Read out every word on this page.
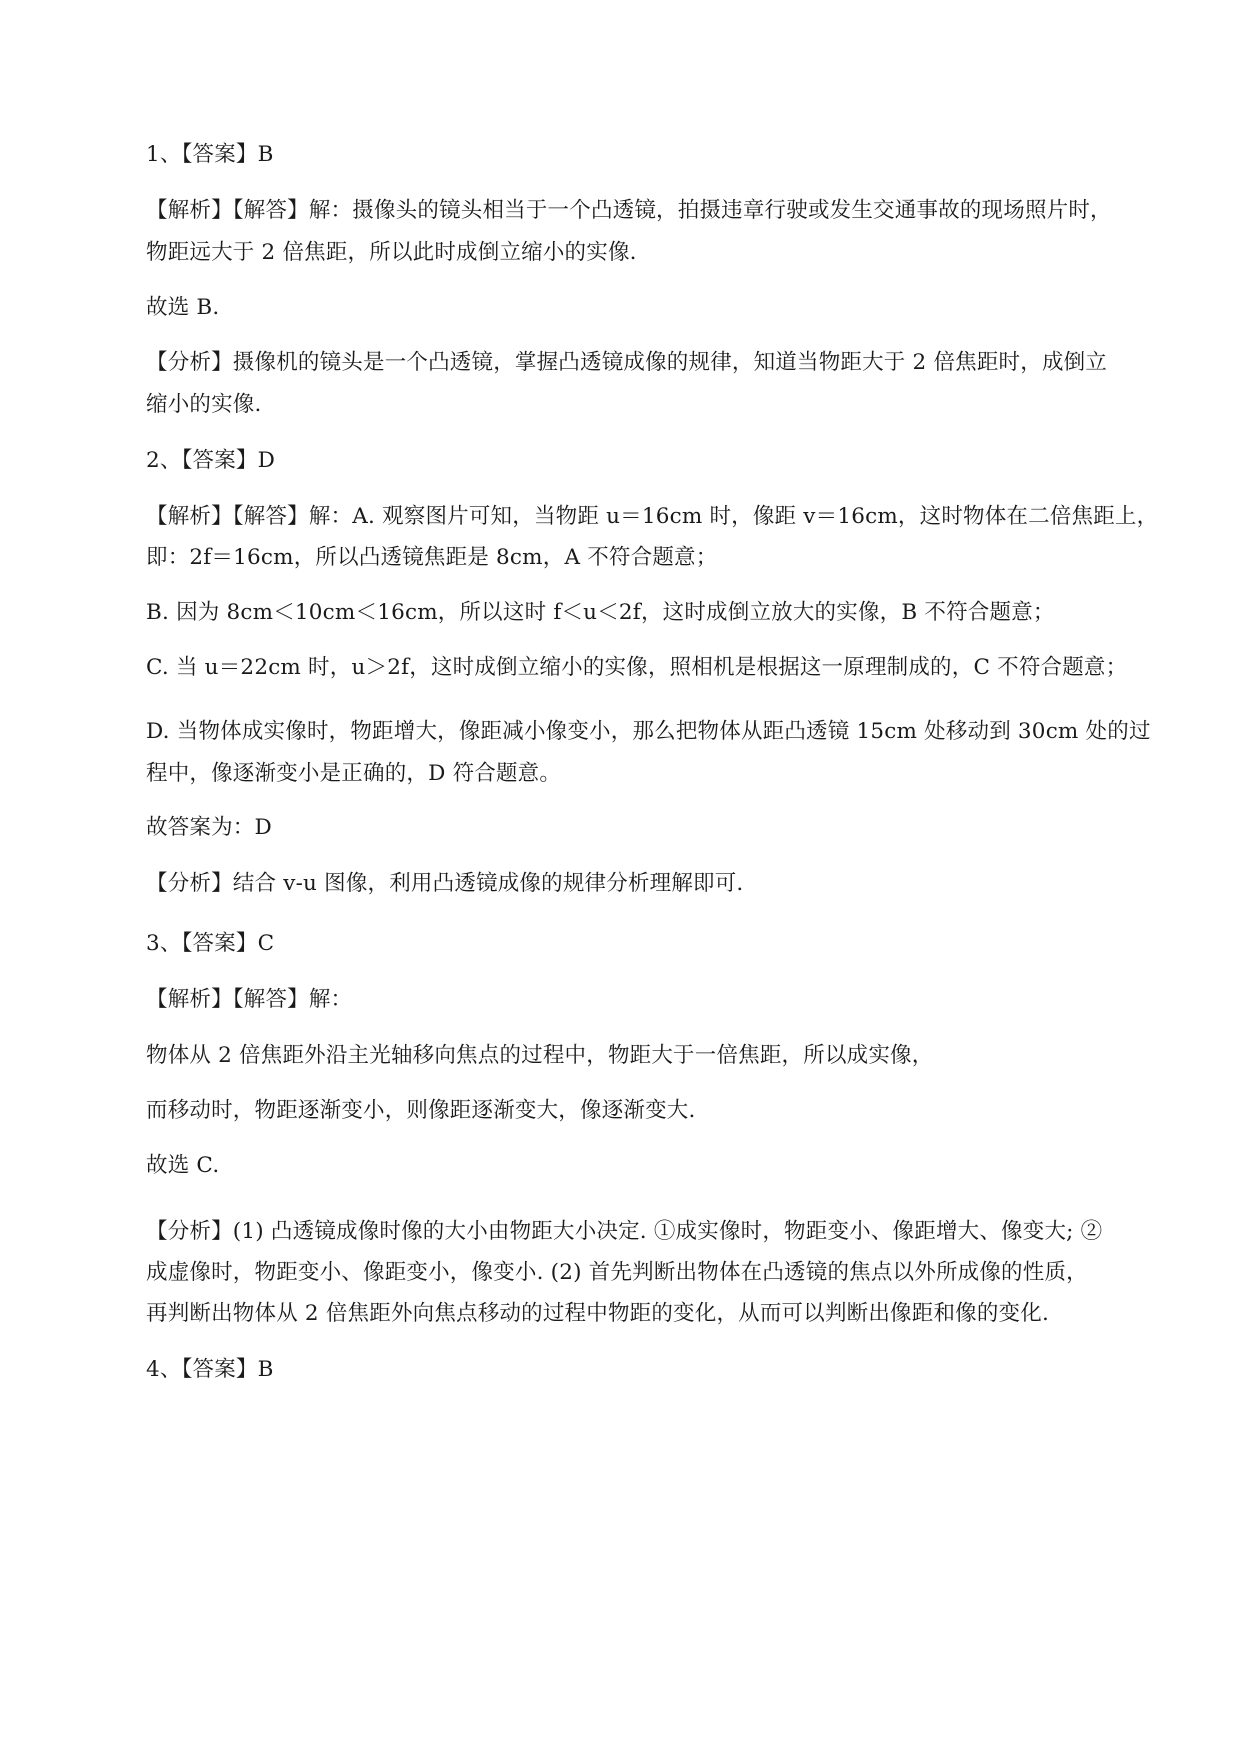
1、【答案】B
【解析】【解答】解：摄像头的镜头相当于一个凸透镜，拍摄违章行驶或发生交通事故的现场照片时，
物距远大于 2 倍焦距，所以此时成倒立缩小的实像.
故选 B.
【分析】摄像机的镜头是一个凸透镜，掌握凸透镜成像的规律，知道当物距大于 2 倍焦距时，成倒立
缩小的实像.
2、【答案】D
【解析】【解答】解：A. 观察图片可知，当物距 u＝16cm 时，像距 v＝16cm，这时物体在二倍焦距上，
即：2f＝16cm，所以凸透镜焦距是 8cm，A 不符合题意；
B. 因为 8cm＜10cm＜16cm，所以这时 f＜u＜2f，这时成倒立放大的实像，B 不符合题意；
C. 当 u＝22cm 时，u＞2f，这时成倒立缩小的实像，照相机是根据这一原理制成的，C 不符合题意；
D. 当物体成实像时，物距增大，像距减小像变小，那么把物体从距凸透镜 15cm 处移动到 30cm 处的过
程中，像逐渐变小是正确的，D 符合题意。
故答案为：D
【分析】结合 v-u 图像，利用凸透镜成像的规律分析理解即可.
3、【答案】C
【解析】【解答】解：
物体从 2 倍焦距外沿主光轴移向焦点的过程中，物距大于一倍焦距，所以成实像，
而移动时，物距逐渐变小，则像距逐渐变大，像逐渐变大.
故选 C.
【分析】(1) 凸透镜成像时像的大小由物距大小决定. ①成实像时，物距变小、像距增大、像变大; ②
成虚像时，物距变小、像距变小，像变小. (2) 首先判断出物体在凸透镜的焦点以外所成像的性质，
再判断出物体从 2 倍焦距外向焦点移动的过程中物距的变化，从而可以判断出像距和像的变化.
4、【答案】B
